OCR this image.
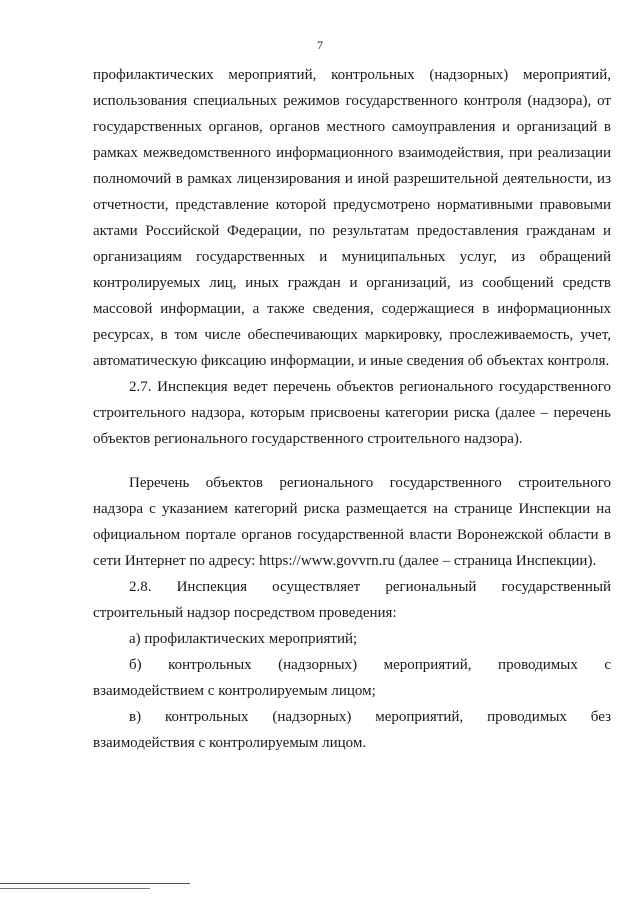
7

профилактических мероприятий, контрольных (надзорных) мероприятий, использования специальных режимов государственного контроля (надзора), от государственных органов, органов местного самоуправления и организаций в рамках межведомственного информационного взаимодействия, при реализации полномочий в рамках лицензирования и иной разрешительной деятельности, из отчетности, представление которой предусмотрено нормативными правовыми актами Российской Федерации, по результатам предоставления гражданам и организациям государственных и муниципальных услуг, из обращений контролируемых лиц, иных граждан и организаций, из сообщений средств массовой информации, а также сведения, содержащиеся в информационных ресурсах, в том числе обеспечивающих маркировку, прослеживаемость, учет, автоматическую фиксацию информации, и иные сведения об объектах контроля.

2.7. Инспекция ведет перечень объектов регионального государственного строительного надзора, которым присвоены категории риска (далее – перечень объектов регионального государственного строительного надзора).

Перечень объектов регионального государственного строительного надзора с указанием категорий риска размещается на странице Инспекции на официальном портале органов государственной власти Воронежской области в сети Интернет по адресу: https://www.govvrn.ru (далее – страница Инспекции).

2.8. Инспекция осуществляет региональный государственный строительный надзор посредством проведения:

а) профилактических мероприятий;

б) контрольных (надзорных) мероприятий, проводимых с взаимодействием с контролируемым лицом;

в) контрольных (надзорных) мероприятий, проводимых без взаимодействия с контролируемым лицом.
